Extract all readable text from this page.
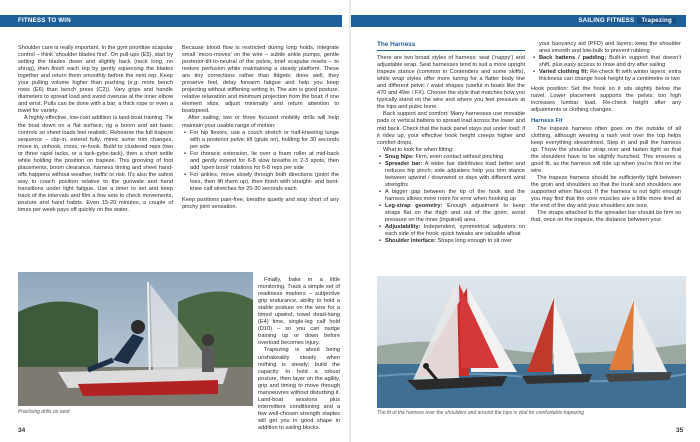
FITNESS TO WIN

Shoulder care is really important. In the gym prioritise scapular control – think ‘shoulder blades first’. On pull-ups (E5), start by setting the blades down and slightly back (neck long, no shrug), then finish each rep by gently squeezing the blades together and return them smoothly before the next rep. Keep your pulling volume higher than pushing (e.g. more bench rows (E6) than bench press (C2)). Vary grips and handle diameters to spread load and avoid overuse at the inner elbow and wrist. Pulls can be done with a bar, a thick rope or even a towel for variety.

A highly effective, low-cost addition is land-boat training. Tie the boat down on a flat surface, rig a boom and set basic controls so sheet loads feel realistic. Rehearse the full trapeze sequence – clip-in, extend fully, mimic some trim changes, move in, unhook, cross, re-hook. Build to clustered reps (two or three rapid tacks, or a tack-gybe-tack), then a short settle while holding the position on trapeze. This grooving of foot placements, boom clearance, harness timing and sheet hand-offs happens without weather, traffic or risk. It’s also the safest way to coach position relative to the gunwale and hand transitions under light fatigue. Use a timer to set and keep track of the intervals and film a few sets to check movements, posture and hand habits. Even 15-20 minutes, a couple of times per week pays off quickly on the water.

Because blood flow is restricted during long holds, integrate small ‘micro-moves’ on the wire – subtle ankle pumps, gentle posterior-tilt-to-neutral of the pelvis, brief scapular resets – to restore perfusion while maintaining a steady platform. These are tiny corrections rather than fidgets; done well, they preserve feel, delay forearm fatigue and help you keep projecting without stiffening setting in. The aim is good posture, relative relaxation and minimum projection from the boat; if one element slips, adjust minimally and return attention to boatspeed.

After sailing, two or three focused mobility drills will help maintain your usable range of motion:

• For hip flexors, use a couch stretch or half-kneeling lunge with a posterior pelvic tilt (glute on), holding for 30 seconds per side
• For thoracic extension, lie over a foam roller at mid-back and gently extend for 6-8 slow breaths in 2-3 spots, then add ‘open book’ rotations for 6-8 reps per side
• For ankles, move slowly through both directions (point the toes, then lift them up), then finish with straight- and bent-knee calf stretches for 20-30 seconds each

Keep positions pain-free, breathe quietly and stop short of any pinchy joint sensation.

Finally, bake in a little monitoring. Track a simple set of readiness markers – subjective grip endurance, ability to hold a stable posture on the wire for a timed upwind, towel dead-hang (E4) time, single-leg calf hold (D10) – so you can nudge training up or down before overload becomes injury.

Trapezing is about being unshakeably steady when nothing is steady; build the capacity to hold a robust posture, then layer on the agility, grip and timing to move through manoeuvres without disturbing it. Land-boat sessions plus intermittent conditioning and a few well-chosen strength staples will get you in good shape in addition to sailing blocks.

Practising drills on land
34
SAILING FITNESS Trapezing

The Harness

There are two broad styles of harness: seat (‘nappy’) and adjustable wrap. Seat harnesses tend to suit a more upright trapeze stance (common in Contenders and some skiffs), while wrap styles offer more tuning for a flatter body line and different pelvic / waist shapes (useful in boats like the 470 and 49er / FX). Choose the style that matches how you typically stand on the wire and where you feel pressure at the hips and pubic bone.

Back support and comfort: Many harnesses use movable pads or vertical battens to spread load across the lower and mid back. Check that the back panel stays put under load; if it rides up, your effective hook height creeps higher and comfort drops.

What to look for when fitting:

• Snug hips: Firm, even contact without pinching
• Spreader bar: A wider bar distributes load better and reduces hip pinch; side adjusters help you trim stance between upwind / downwind or days with different wind strengths
• A bigger gap between the tip of the hook and the harness allows more room for error when hooking up
• Leg-strap geometry: Enough adjustment to keep straps flat on the thigh and out of the groin; avoid pressure on the inner (inguinal) area
• Adjustability: Independent, symmetrical adjusters on each side of the hook; quick tweaks are valuable afloat
• Shoulder interface: Straps long enough to sit over

your buoyancy aid (PFD) and layers; keep the shoulder area smooth and low-bulk to prevent rubbing

• Back battens / padding: Built-in support that doesn’t shift, plus easy access to rinse and dry after sailing
• Varied clothing fit: Re-check fit with winter layers; extra thickness can change hook height by a centimetre or two

Hook position: Set the hook so it sits slightly below the navel. Lower placement supports the pelvis; too high increases lumbar load. Re-check height after any adjustments or clothing changes.

Harness Fit

The trapeze harness often goes on the outside of all clothing, although wearing a rash vest over the top helps keep everything streamlined. Step in and pull the harness up. Throw the shoulder strap over and fasten tight so that the shoulders have to be slightly hunched. This ensures a good fit, as the harness will ride up when you’re first on the wire.

The trapeze harness should be sufficiently tight between the groin and shoulders so that the trunk and shoulders are supported when flat-out. If the harness is not tight enough you may find that the core muscles are a little more tired at the end of the day and your shoulders are sore.

The straps attached to the spreader bar should be firm so that, once on the trapeze, the distance between your

The fit of the harness over the shoulders and around the hips is vital for comfortable trapezing
35
